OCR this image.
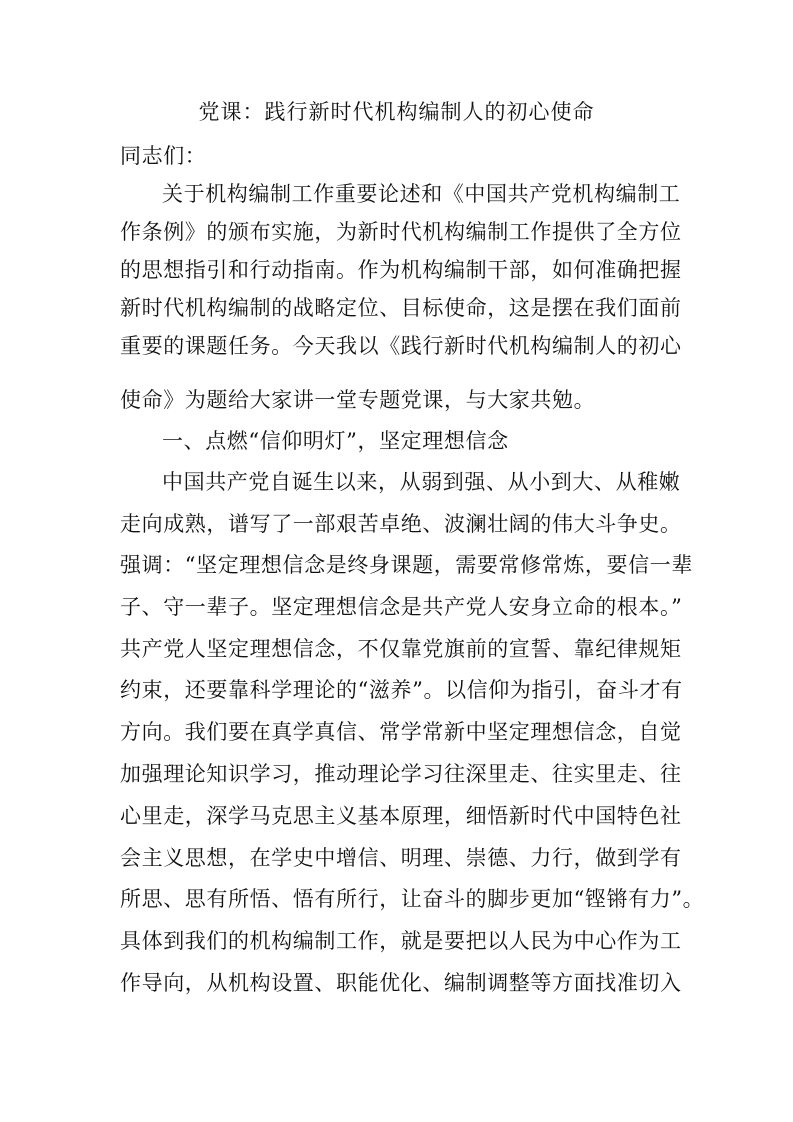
党课：践行新时代机构编制人的初心使命

同志们：

关于机构编制工作重要论述和《中国共产党机构编制工

作条例》的颁布实施，为新时代机构编制工作提供了全方位

的思想指引和行动指南。作为机构编制干部，如何准确把握

新时代机构编制的战略定位、目标使命，这是摆在我们面前

重要的课题任务。今天我以《践行新时代机构编制人的初心

使命》为题给大家讲一堂专题党课，与大家共勉。

一、点燃“信仰明灯”，坚定理想信念

中国共产党自诞生以来，从弱到强、从小到大、从稚嫩

走向成熟，谱写了一部艰苦卓绝、波澜壮阔的伟大斗争史。

强调：“坚定理想信念是终身课题，需要常修常炼，要信一辈

子、守一辈子。坚定理想信念是共产党人安身立命的根本。”

共产党人坚定理想信念，不仅靠党旗前的宣誓、靠纪律规矩

约束，还要靠科学理论的“滋养”。以信仰为指引，奋斗才有

方向。我们要在真学真信、常学常新中坚定理想信念，自觉

加强理论知识学习，推动理论学习往深里走、往实里走、往

心里走，深学马克思主义基本原理，细悟新时代中国特色社

会主义思想，在学史中增信、明理、崇德、力行，做到学有

所思、思有所悟、悟有所行，让奋斗的脚步更加“铿锵有力”。

具体到我们的机构编制工作，就是要把以人民为中心作为工

作导向，从机构设置、职能优化、编制调整等方面找准切入
